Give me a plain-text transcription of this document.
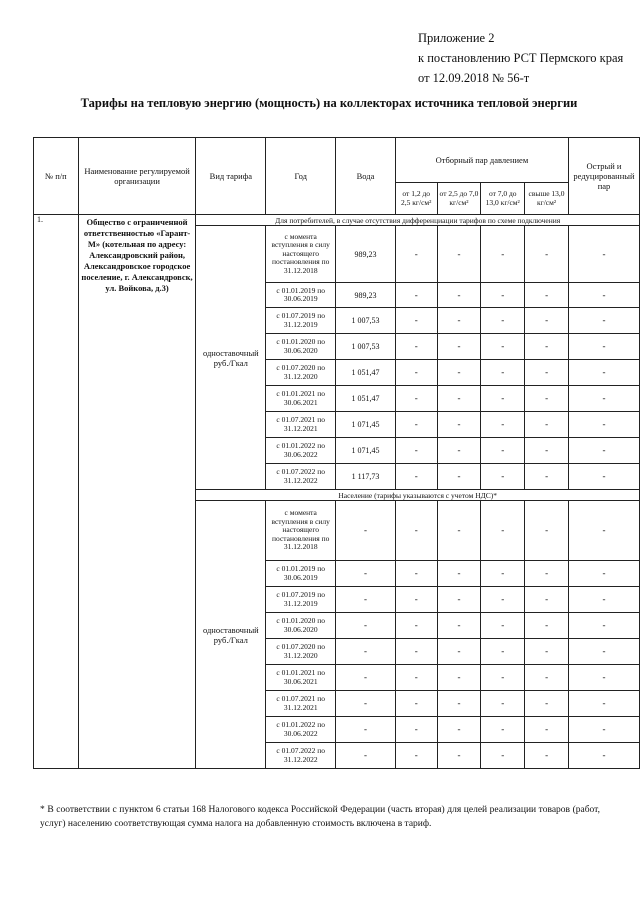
Приложение 2
к постановлению РСТ Пермского края
от 12.09.2018 № 56-т
Тарифы на тепловую энергию (мощность) на коллекторах источника тепловой энергии
№ п/п	Наименование регулируемой организации	Вид тарифа	Год	Вода	Отборный пар давлением				Острый и редуцированный пар
					от 1,2 до 2,5 кг/см²	от 2,5 до 7,0 кг/см²	от 7,0 до 13,0 кг/см²	свыше 13,0 кг/см²	
1.	Общество с ограниченной ответственностью «Гарант-М» (котельная по адресу: Александровский район, Александровское городское поселение, г. Александровск, ул. Войкова, д.3)	Для потребителей, в случае отсутствия дифференциации тарифов по схеме подключения							
		одноставочный руб./Гкал	с момента вступления в силу настоящего постановления по 31.12.2018	989,23	-	-	-	-	-
			с 01.01.2019 по 30.06.2019	989,23	-	-	-	-	-
			с 01.07.2019 по 31.12.2019	1 007,53	-	-	-	-	-
			с 01.01.2020 по 30.06.2020	1 007,53	-	-	-	-	-
			с 01.07.2020 по 31.12.2020	1 051,47	-	-	-	-	-
			с 01.01.2021 по 30.06.2021	1 051,47	-	-	-	-	-
			с 01.07.2021 по 31.12.2021	1 071,45	-	-	-	-	-
			с 01.01.2022 по 30.06.2022	1 071,45	-	-	-	-	-
			с 01.07.2022 по 31.12.2022	1 117,73	-	-	-	-	-
		Население (тарифы указываются с учетом НДС)*							
		одноставочный руб./Гкал	с момента вступления в силу настоящего постановления по 31.12.2018	-	-	-	-	-	-
			с 01.01.2019 по 30.06.2019	-	-	-	-	-	-
			с 01.07.2019 по 31.12.2019	-	-	-	-	-	-
			с 01.01.2020 по 30.06.2020	-	-	-	-	-	-
			с 01.07.2020 по 31.12.2020	-	-	-	-	-	-
			с 01.01.2021 по 30.06.2021	-	-	-	-	-	-
			с 01.07.2021 по 31.12.2021	-	-	-	-	-	-
			с 01.01.2022 по 30.06.2022	-	-	-	-	-	-
			с 01.07.2022 по 31.12.2022	-	-	-	-	-	-
* В соответствии с пунктом 6 статьи 168 Налогового кодекса Российской Федерации (часть вторая) для целей реализации товаров (работ, услуг) населению соответствующая сумма налога на добавленную стоимость включена в тариф.
